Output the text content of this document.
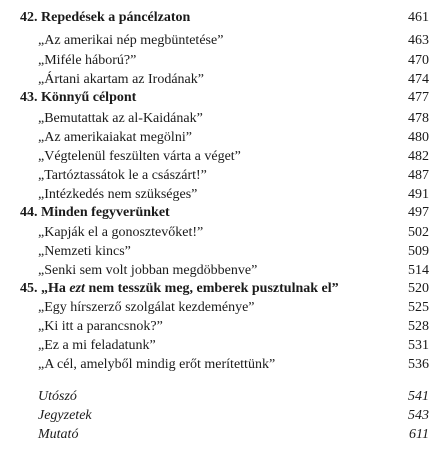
42. Repedések a páncélzaton	461
„Az amerikai nép megbüntetése”	463
„Miféle háború?”	470
„Ártani akartam az Irodának”	474
43. Könnyű célpont	477
„Bemutattak az al-Kaidának”	478
„Az amerikaiakat megölni”	480
„Végtelenül feszülten várta a véget”	482
„Tartóztassátok le a császárt!”	487
„Intézkedés nem szükséges”	491
44. Minden fegyverünket	497
„Kapják el a gonosztevőket!”	502
„Nemzeti kincs”	509
„Senki sem volt jobban megdöbbenve”	514
45. „Ha ezt nem tesszük meg, emberek pusztulnak el”	520
„Egy hírszerző szolgálat kezdeménye”	525
„Ki itt a parancsnok?”	528
„Ez a mi feladatunk”	531
„A cél, amelyből mindig erőt merítettünk”	536
Utószó	541
Jegyzetek	543
Mutató	611
